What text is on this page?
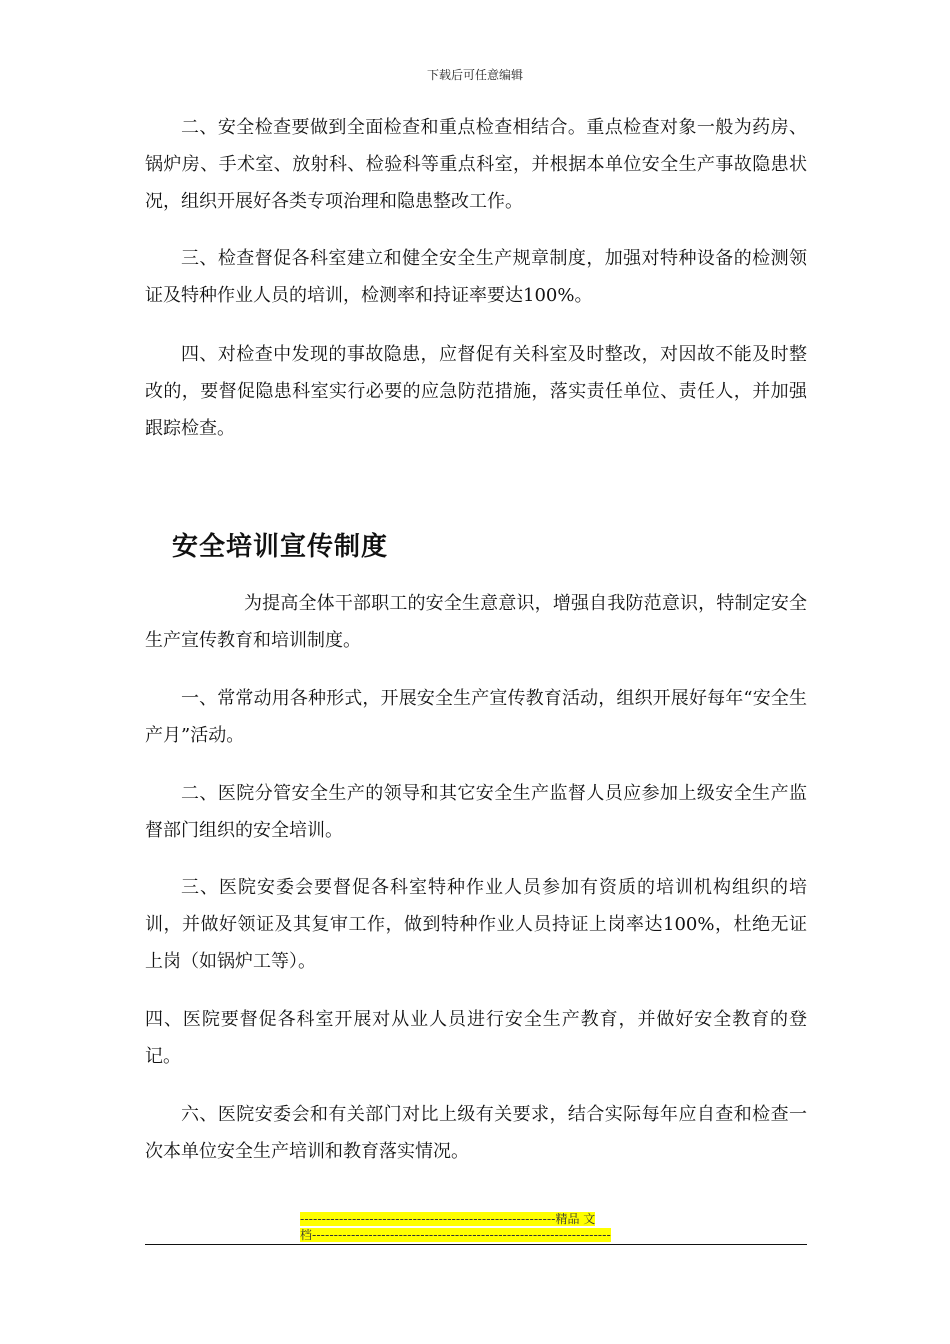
下载后可任意编辑

二、安全检查要做到全面检查和重点检查相结合。重点检查对象一般为药房、锅炉房、手术室、放射科、检验科等重点科室，并根据本单位安全生产事故隐患状况，组织开展好各类专项治理和隐患整改工作。

三、检查督促各科室建立和健全安全生产规章制度，加强对特种设备的检测领证及特种作业人员的培训，检测率和持证率要达100%。

四、对检查中发现的事故隐患，应督促有关科室及时整改，对因故不能及时整改的，要督促隐患科室实行必要的应急防范措施，落实责任单位、责任人，并加强跟踪检查。

为提高全体干部职工的安全生意意识，增强自我防范意识，特制定安全生产宣传教育和培训制度。

一、常常动用各种形式，开展安全生产宣传教育活动，组织开展好每年“安全生产月”活动。

二、医院分管安全生产的领导和其它安全生产监督人员应参加上级安全生产监督部门组织的安全培训。

三、医院安委会要督促各科室特种作业人员参加有资质的培训机构组织的培训，并做好领证及其复审工作，做到特种作业人员持证上岗率达100%，杜绝无证上岗（如锅炉工等）。

四、医院要督促各科室开展对从业人员进行安全生产教育，并做好安全教育的登记。

六、医院安委会和有关部门对比上级有关要求，结合实际每年应自查和检查一次本单位安全生产培训和教育落实情况。

安全培训宣传制度
-----------------------------------------------------------精品 文
档---------------------------------------------------------------------
